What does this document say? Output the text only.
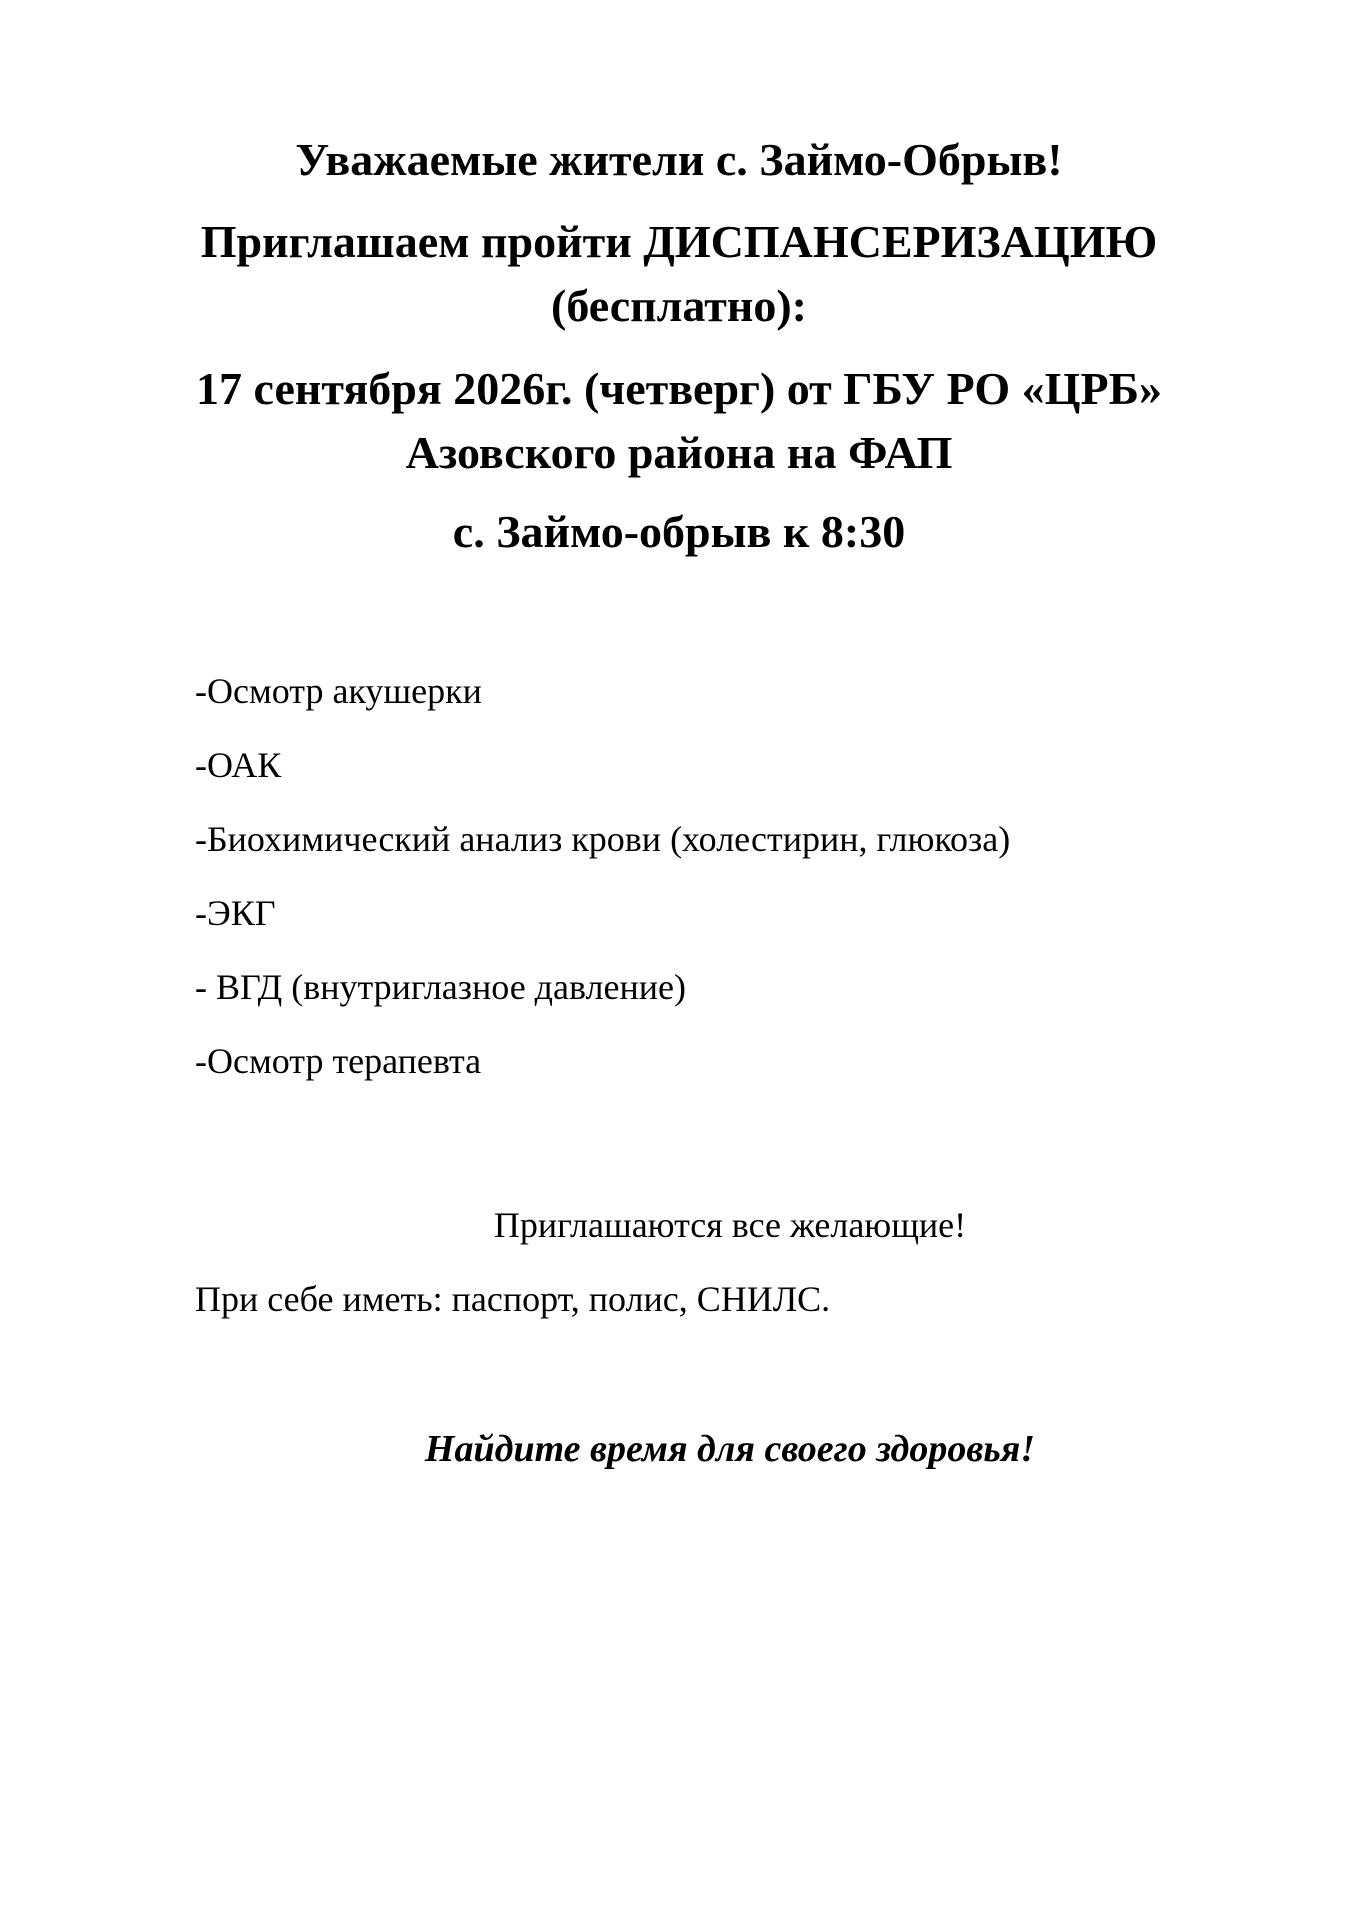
Уважаемые жители с. Займо-Обрыв!
Приглашаем пройти ДИСПАНСЕРИЗАЦИЮ
(бесплатно):
17 сентября 2026г. (четверг) от ГБУ РО «ЦРБ»
Азовского района на ФАП
с. Займо-обрыв к 8:30
-Осмотр акушерки
-ОАК
-Биохимический анализ крови (холестирин, глюкоза)
-ЭКГ
- ВГД (внутриглазное давление)
-Осмотр терапевта

Приглашаются все желающие!

При себе иметь: паспорт, полис, СНИЛС.

Найдите время для своего здоровья!
